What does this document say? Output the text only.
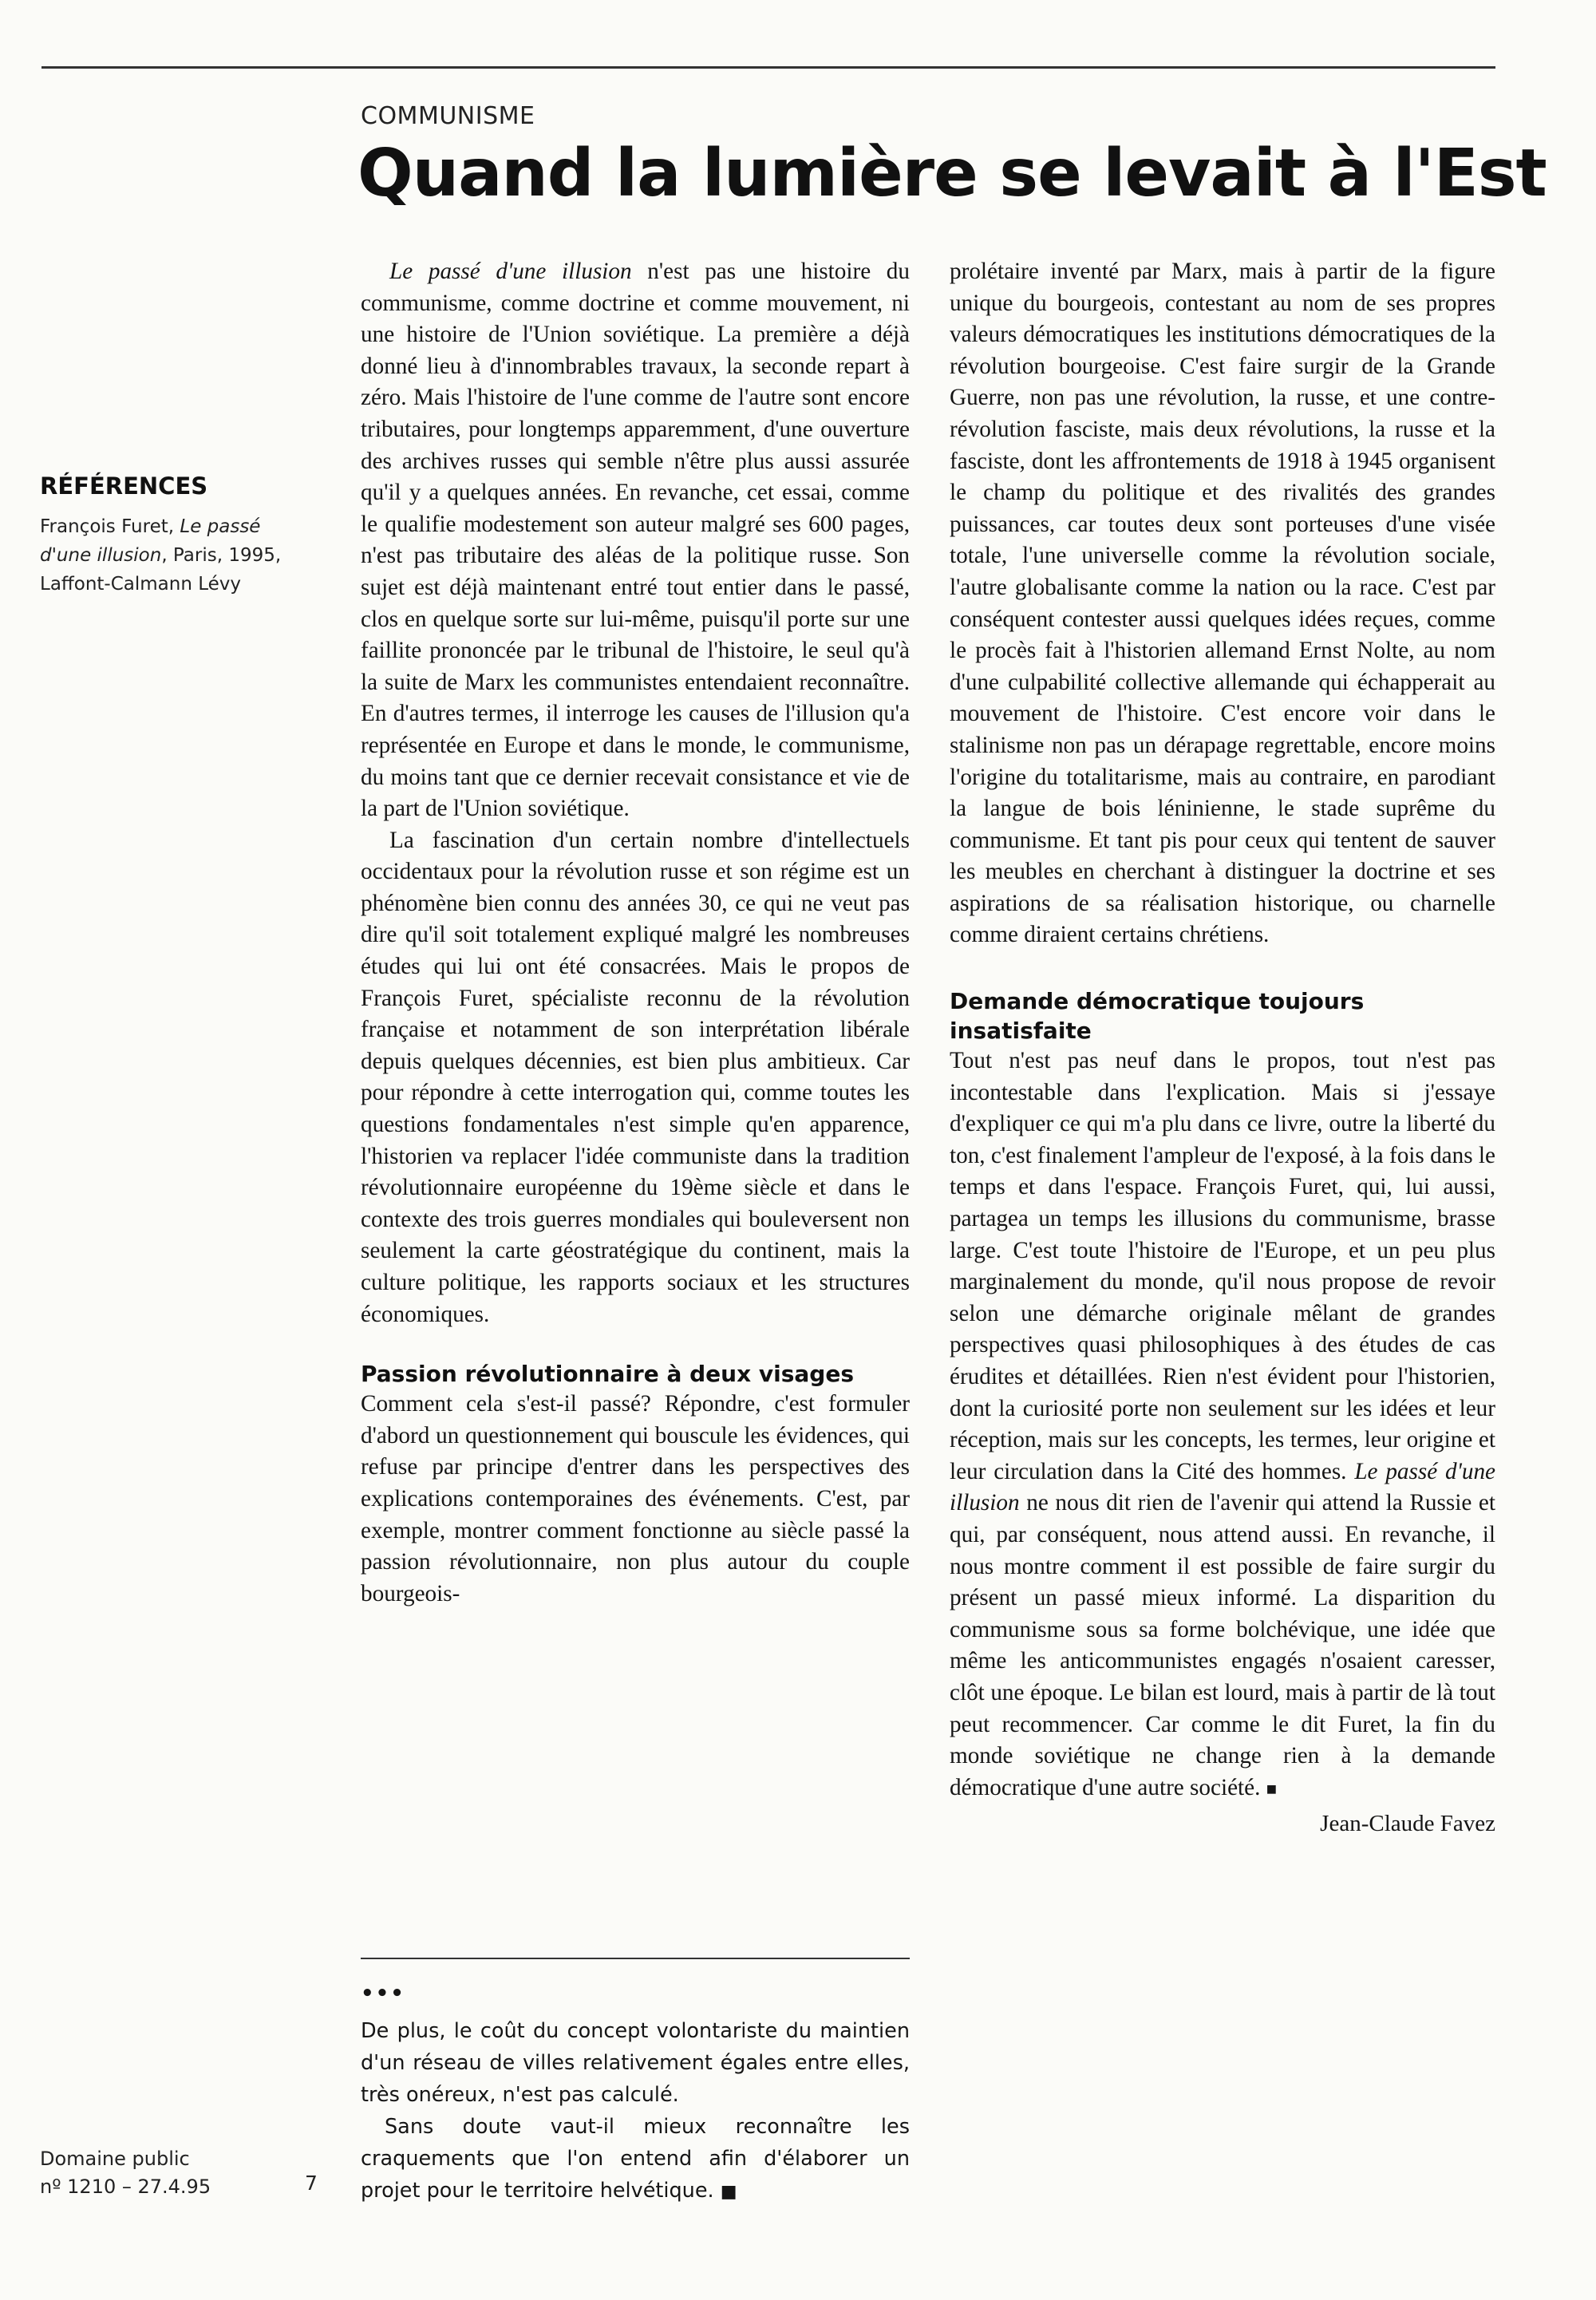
COMMUNISME
Quand la lumière se levait à l'Est
RÉFÉRENCES

François Furet, Le passé d'une illusion, Paris, 1995, Laffont-Calmann Lévy

Domaine public
nº 1210 – 27.4.95	7

Le passé d'une illusion n'est pas une histoire du communisme, comme doctrine et comme mouvement, ni une histoire de l'Union soviétique. La première a déjà donné lieu à d'innombrables travaux, la seconde repart à zéro. Mais l'histoire de l'une comme de l'autre sont encore tributaires, pour longtemps apparemment, d'une ouverture des archives russes qui semble n'être plus aussi assurée qu'il y a quelques années. En revanche, cet essai, comme le qualifie modestement son auteur malgré ses 600 pages, n'est pas tributaire des aléas de la politique russe. Son sujet est déjà maintenant entré tout entier dans le passé, clos en quelque sorte sur lui-même, puisqu'il porte sur une faillite prononcée par le tribunal de l'histoire, le seul qu'à la suite de Marx les communistes entendaient reconnaître. En d'autres termes, il interroge les causes de l'illusion qu'a représentée en Europe et dans le monde, le communisme, du moins tant que ce dernier recevait consistance et vie de la part de l'Union soviétique.

La fascination d'un certain nombre d'intellectuels occidentaux pour la révolution russe et son régime est un phénomène bien connu des années 30, ce qui ne veut pas dire qu'il soit totalement expliqué malgré les nombreuses études qui lui ont été consacrées. Mais le propos de François Furet, spécialiste reconnu de la révolution française et notamment de son interprétation libérale depuis quelques décennies, est bien plus ambitieux. Car pour répondre à cette interrogation qui, comme toutes les questions fondamentales n'est simple qu'en apparence, l'historien va replacer l'idée communiste dans la tradition révolutionnaire européenne du 19ème siècle et dans le contexte des trois guerres mondiales qui bouleversent non seulement la carte géostratégique du continent, mais la culture politique, les rapports sociaux et les structures économiques.

Passion révolutionnaire à deux visages

Comment cela s'est-il passé? Répondre, c'est formuler d'abord un questionnement qui bouscule les évidences, qui refuse par principe d'entrer dans les perspectives des explications contemporaines des événements. C'est, par exemple, montrer comment fonctionne au siècle passé la passion révolutionnaire, non plus autour du couple bourgeois-

•••

De plus, le coût du concept volontariste du maintien d'un réseau de villes relativement égales entre elles, très onéreux, n'est pas calculé.

Sans doute vaut-il mieux reconnaître les craquements que l'on entend afin d'élaborer un projet pour le territoire helvétique. ■

prolétaire inventé par Marx, mais à partir de la figure unique du bourgeois, contestant au nom de ses propres valeurs démocratiques les institutions démocratiques de la révolution bourgeoise. C'est faire surgir de la Grande Guerre, non pas une révolution, la russe, et une contre-révolution fasciste, mais deux révolutions, la russe et la fasciste, dont les affrontements de 1918 à 1945 organisent le champ du politique et des rivalités des grandes puissances, car toutes deux sont porteuses d'une visée totale, l'une universelle comme la révolution sociale, l'autre globalisante comme la nation ou la race. C'est par conséquent contester aussi quelques idées reçues, comme le procès fait à l'historien allemand Ernst Nolte, au nom d'une culpabilité collective allemande qui échapperait au mouvement de l'histoire. C'est encore voir dans le stalinisme non pas un dérapage regrettable, encore moins l'origine du totalitarisme, mais au contraire, en parodiant la langue de bois léninienne, le stade suprême du communisme. Et tant pis pour ceux qui tentent de sauver les meubles en cherchant à distinguer la doctrine et ses aspirations de sa réalisation historique, ou charnelle comme diraient certains chrétiens.

Demande démocratique toujours insatisfaite

Tout n'est pas neuf dans le propos, tout n'est pas incontestable dans l'explication. Mais si j'essaye d'expliquer ce qui m'a plu dans ce livre, outre la liberté du ton, c'est finalement l'ampleur de l'exposé, à la fois dans le temps et dans l'espace. François Furet, qui, lui aussi, partagea un temps les illusions du communisme, brasse large. C'est toute l'histoire de l'Europe, et un peu plus marginalement du monde, qu'il nous propose de revoir selon une démarche originale mêlant de grandes perspectives quasi philosophiques à des études de cas érudites et détaillées. Rien n'est évident pour l'historien, dont la curiosité porte non seulement sur les idées et leur réception, mais sur les concepts, les termes, leur origine et leur circulation dans la Cité des hommes. Le passé d'une illusion ne nous dit rien de l'avenir qui attend la Russie et qui, par conséquent, nous attend aussi. En revanche, il nous montre comment il est possible de faire surgir du présent un passé mieux informé. La disparition du communisme sous sa forme bolchévique, une idée que même les anticommunistes engagés n'osaient caresser, clôt une époque. Le bilan est lourd, mais à partir de là tout peut recommencer. Car comme le dit Furet, la fin du monde soviétique ne change rien à la demande démocratique d'une autre société. ■

Jean-Claude Favez
